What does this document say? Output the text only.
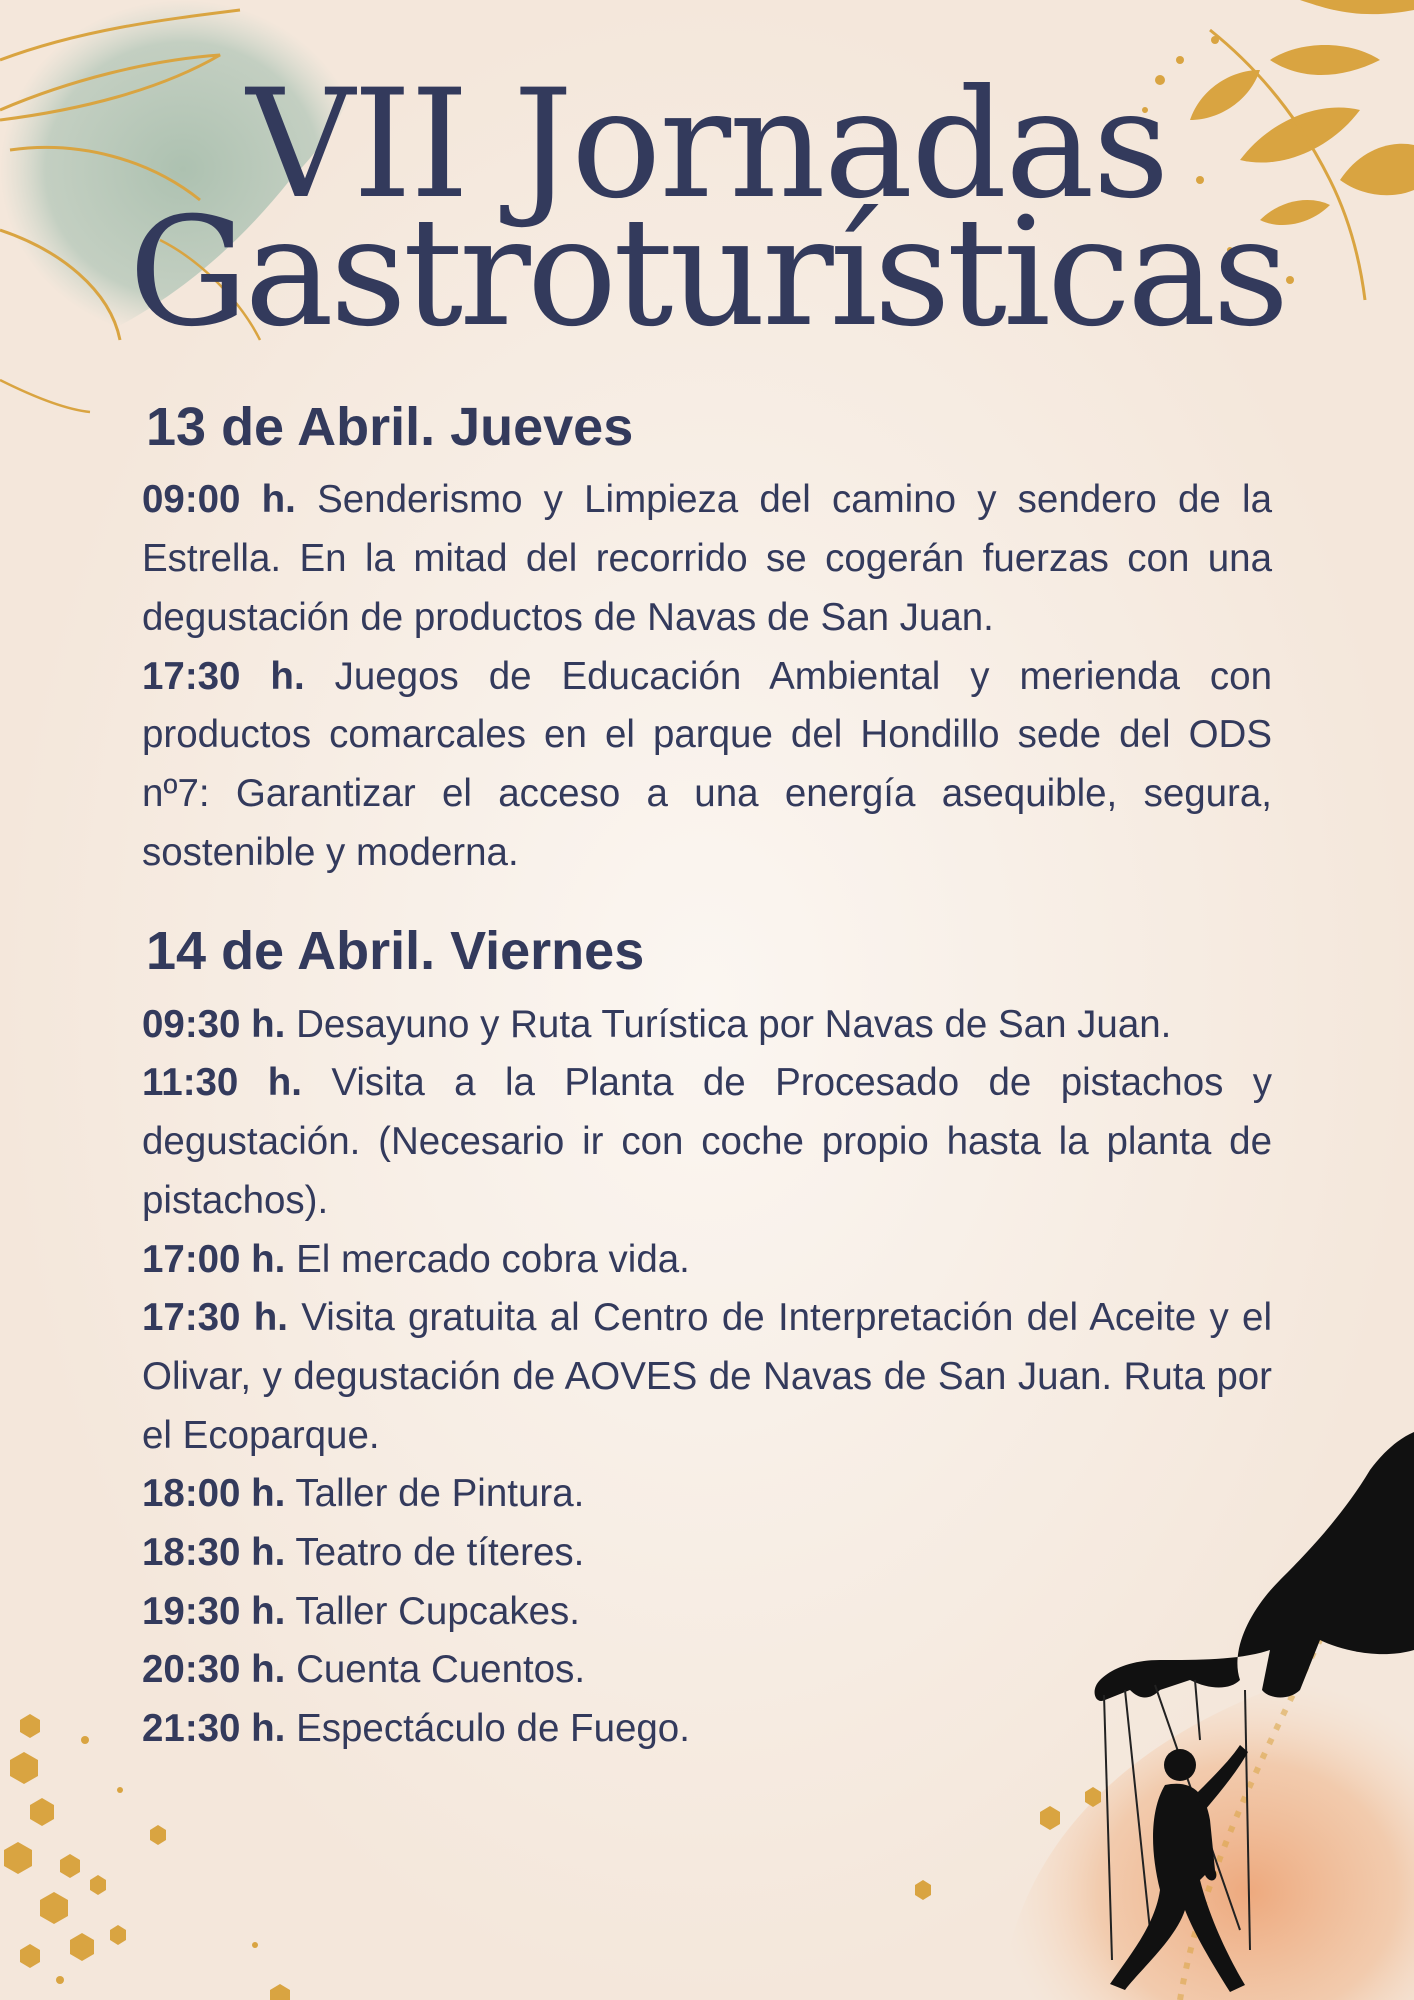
VII Jornadas
Gastroturísticas
13 de Abril. Jueves

09:00 h. Senderismo y Limpieza del camino y sendero de la Estrella. En la mitad del recorrido se cogerán fuerzas con una degustación de productos de Navas de San Juan.

17:30 h. Juegos de Educación Ambiental y merienda con productos comarcales en el parque del Hondillo sede del ODS nº7: Garantizar el acceso a una energía asequible, segura, sostenible y moderna.

14 de Abril. Viernes

09:30 h. Desayuno y Ruta Turística por Navas de San Juan.

11:30 h. Visita a la Planta de Procesado de pistachos y degustación. (Necesario ir con coche propio hasta la planta de pistachos).

17:00 h. El mercado cobra vida.

17:30 h. Visita gratuita al Centro de Interpretación del Aceite y el Olivar, y degustación de AOVES de Navas de San Juan. Ruta por el Ecoparque.

18:00 h. Taller de Pintura.

18:30 h. Teatro de títeres.

19:30 h. Taller Cupcakes.

20:30 h. Cuenta Cuentos.

21:30 h. Espectáculo de Fuego.
